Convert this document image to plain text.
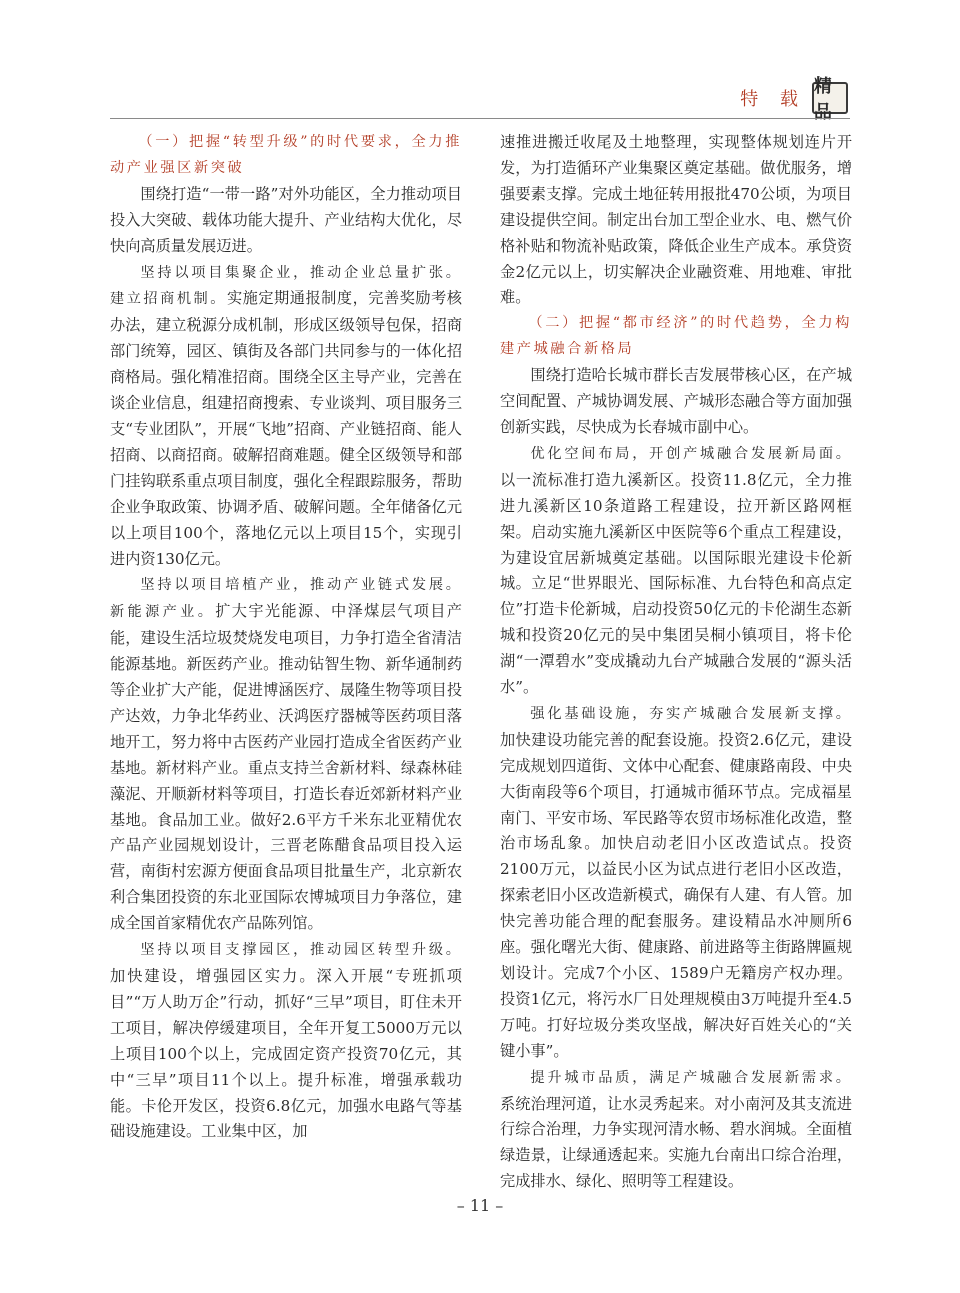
特 载
精品

（一）把握“转型升级”的时代要求，全力推动产业强区新突破

围绕打造“一带一路”对外功能区，全力推动项目投入大突破、载体功能大提升、产业结构大优化，尽快向高质量发展迈进。

坚持以项目集聚企业，推动企业总量扩张。建立招商机制。实施定期通报制度，完善奖励考核办法，建立税源分成机制，形成区级领导包保，招商部门统筹，园区、镇街及各部门共同参与的一体化招商格局。强化精准招商。围绕全区主导产业，完善在谈企业信息，组建招商搜索、专业谈判、项目服务三支“专业团队”，开展“飞地”招商、产业链招商、能人招商、以商招商。破解招商难题。健全区级领导和部门挂钩联系重点项目制度，强化全程跟踪服务，帮助企业争取政策、协调矛盾、破解问题。全年储备亿元以上项目100个，落地亿元以上项目15个，实现引进内资130亿元。

坚持以项目培植产业，推动产业链式发展。新能源产业。扩大宇光能源、中泽煤层气项目产能，建设生活垃圾焚烧发电项目，力争打造全省清洁能源基地。新医药产业。推动钻智生物、新华通制药等企业扩大产能，促进博涵医疗、晟隆生物等项目投产达效，力争北华药业、沃鸿医疗器械等医药项目落地开工，努力将中古医药产业园打造成全省医药产业基地。新材料产业。重点支持兰舍新材料、绿森林硅藻泥、开顺新材料等项目，打造长春近郊新材料产业基地。食品加工业。做好2.6平方千米东北亚精优农产品产业园规划设计，三晋老陈醋食品项目投入运营，南街村宏源方便面食品项目批量生产，北京新农利合集团投资的东北亚国际农博城项目力争落位，建成全国首家精优农产品陈列馆。

坚持以项目支撑园区，推动园区转型升级。加快建设，增强园区实力。深入开展“专班抓项目”“万人助万企”行动，抓好“三早”项目，盯住未开工项目，解决停缓建项目，全年开复工5000万元以上项目100个以上，完成固定资产投资70亿元，其中“三早”项目11个以上。提升标准，增强承载功能。卡伦开发区，投资6.8亿元，加强水电路气等基础设施建设。工业集中区，加

速推进搬迁收尾及土地整理，实现整体规划连片开发，为打造循环产业集聚区奠定基础。做优服务，增强要素支撑。完成土地征转用报批470公顷，为项目建设提供空间。制定出台加工型企业水、电、燃气价格补贴和物流补贴政策，降低企业生产成本。承贷资金2亿元以上，切实解决企业融资难、用地难、审批难。

（二）把握“都市经济”的时代趋势，全力构建产城融合新格局

围绕打造哈长城市群长吉发展带核心区，在产城空间配置、产城协调发展、产城形态融合等方面加强创新实践，尽快成为长春城市副中心。

优化空间布局，开创产城融合发展新局面。以一流标准打造九溪新区。投资11.8亿元，全力推进九溪新区10条道路工程建设，拉开新区路网框架。启动实施九溪新区中医院等6个重点工程建设，为建设宜居新城奠定基础。以国际眼光建设卡伦新城。立足“世界眼光、国际标准、九台特色和高点定位”打造卡伦新城，启动投资50亿元的卡伦湖生态新城和投资20亿元的吴中集团吴桐小镇项目，将卡伦湖“一潭碧水”变成撬动九台产城融合发展的“源头活水”。

强化基础设施，夯实产城融合发展新支撑。加快建设功能完善的配套设施。投资2.6亿元，建设完成规划四道街、文体中心配套、健康路南段、中央大街南段等6个项目，打通城市循环节点。完成福星南门、平安市场、军民路等农贸市场标准化改造，整治市场乱象。加快启动老旧小区改造试点。投资2100万元，以益民小区为试点进行老旧小区改造，探索老旧小区改造新模式，确保有人建、有人管。加快完善功能合理的配套服务。建设精品水冲厕所6座。强化曙光大街、健康路、前进路等主街路牌匾规划设计。完成7个小区、1589户无籍房产权办理。投资1亿元，将污水厂日处理规模由3万吨提升至4.5万吨。打好垃圾分类攻坚战，解决好百姓关心的“关键小事”。

提升城市品质，满足产城融合发展新需求。系统治理河道，让水灵秀起来。对小南河及其支流进行综合治理，力争实现河清水畅、碧水润城。全面植绿造景，让绿通透起来。实施九台南出口综合治理，完成排水、绿化、照明等工程建设。

– 11 –
